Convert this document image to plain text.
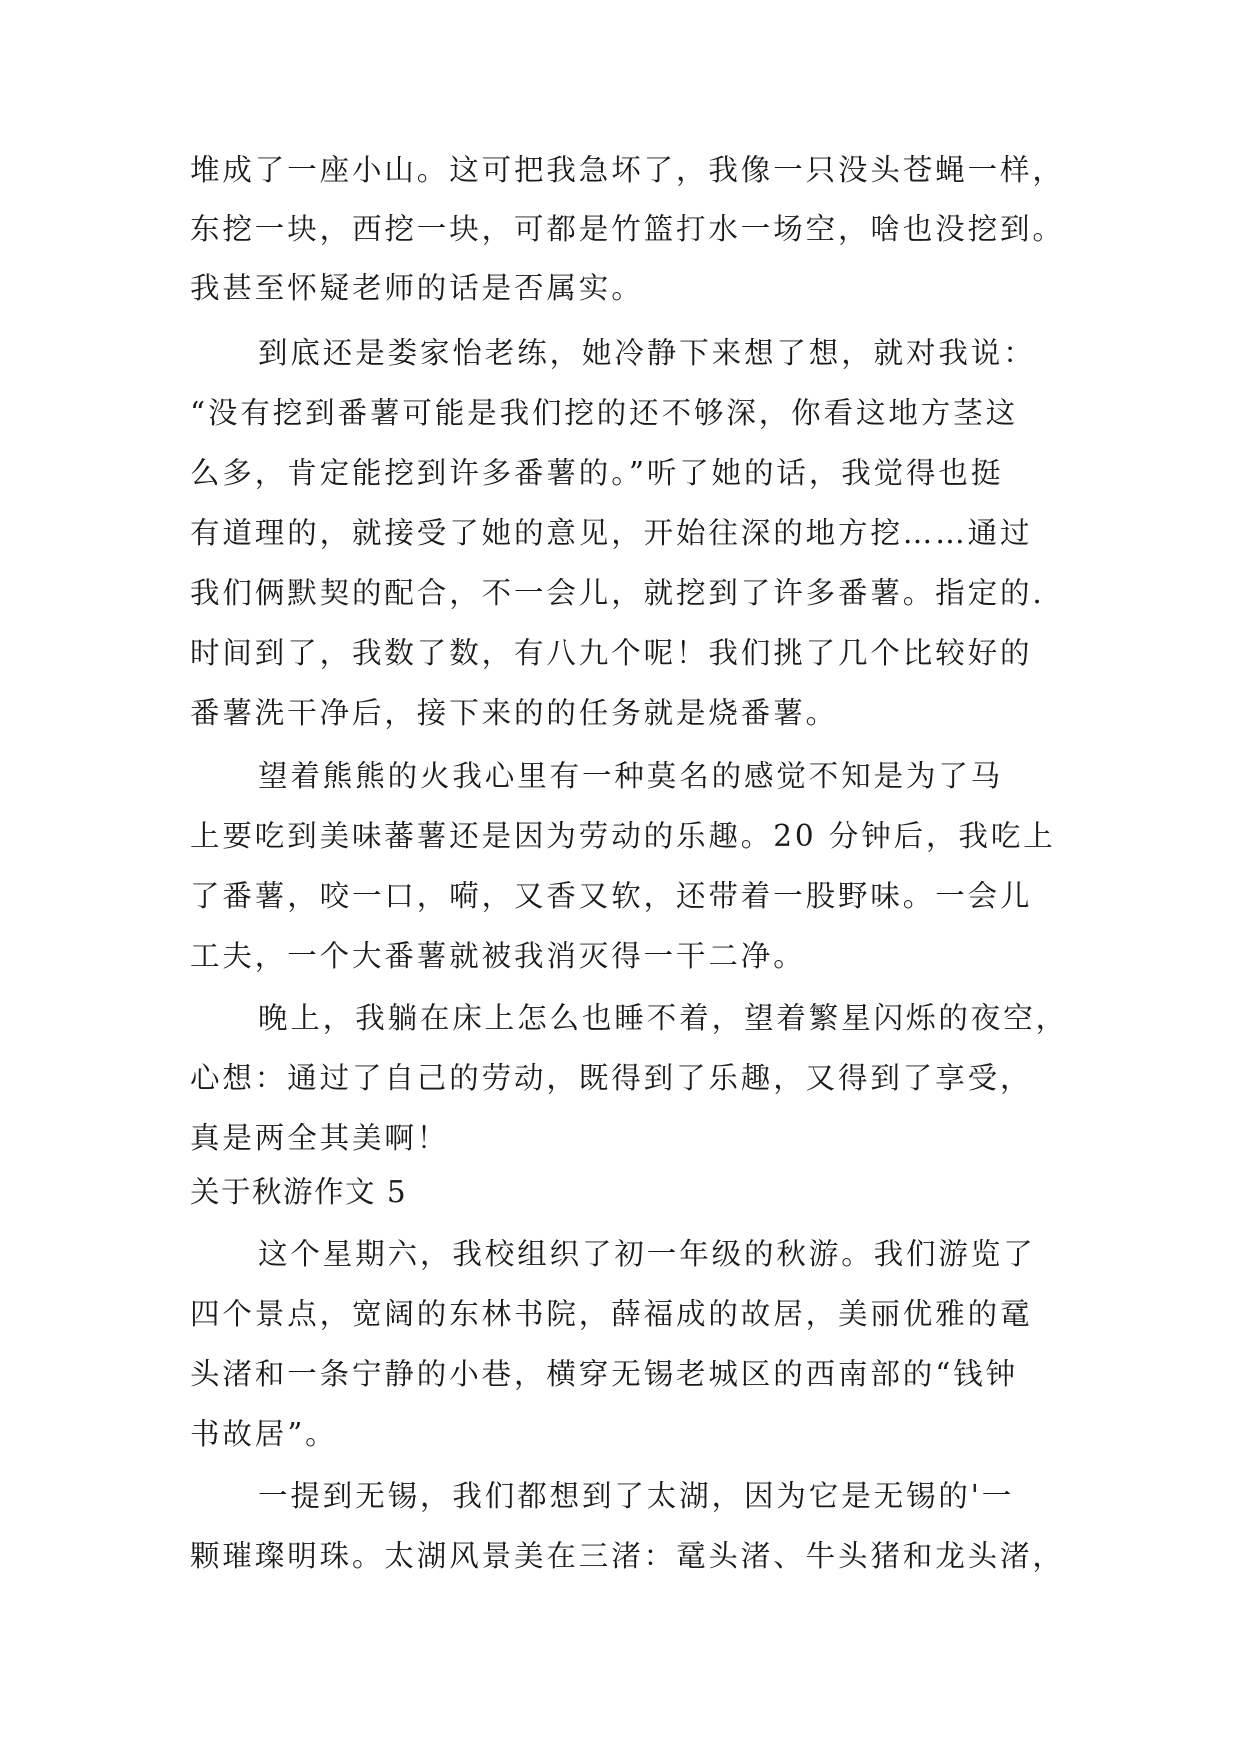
堆成了一座小山。这可把我急坏了，我像一只没头苍蝇一样，
东挖一块，西挖一块，可都是竹篮打水一场空，啥也没挖到。
我甚至怀疑老师的话是否属实。
到底还是娄家怡老练，她冷静下来想了想，就对我说：
“没有挖到番薯可能是我们挖的还不够深，你看这地方茎这
么多，肯定能挖到许多番薯的。”听了她的话，我觉得也挺
有道理的，就接受了她的意见，开始往深的地方挖……通过
我们俩默契的配合，不一会儿，就挖到了许多番薯。指定的.
时间到了，我数了数，有八九个呢！我们挑了几个比较好的
番薯洗干净后，接下来的的任务就是烧番薯。
望着熊熊的火我心里有一种莫名的感觉不知是为了马
上要吃到美味蕃薯还是因为劳动的乐趣。20 分钟后，我吃上
了番薯，咬一口，嗬，又香又软，还带着一股野味。一会儿
工夫，一个大番薯就被我消灭得一干二净。
晚上，我躺在床上怎么也睡不着，望着繁星闪烁的夜空，
心想：通过了自己的劳动，既得到了乐趣，又得到了享受，
真是两全其美啊！
关于秋游作文 5
这个星期六，我校组织了初一年级的秋游。我们游览了
四个景点，宽阔的东林书院，薛福成的故居，美丽优雅的鼋
头渚和一条宁静的小巷，横穿无锡老城区的西南部的“钱钟
书故居”。
一提到无锡，我们都想到了太湖，因为它是无锡的'一
颗璀璨明珠。太湖风景美在三渚：鼋头渚、牛头猪和龙头渚，
